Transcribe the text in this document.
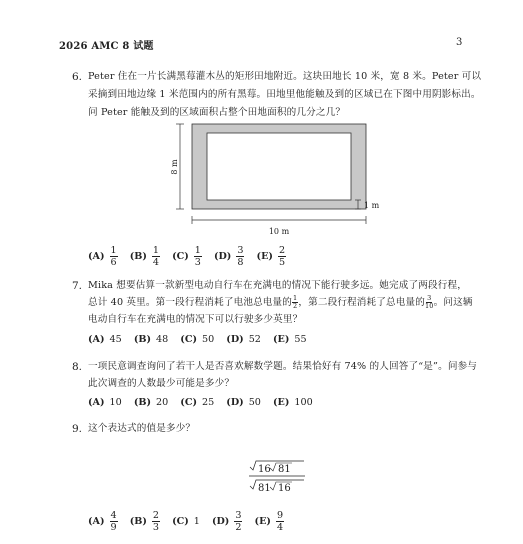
2026 AMC 8 试题	3
6. Peter 住在一片长满黑莓灌木丛的矩形田地附近。这块田地长 10 米，宽 8 米。Peter 可以
采摘到田地边缘 1 米范围内的所有黑莓。田地里他能触及到的区域已在下图中用阴影标出。
问 Peter 能触及到的区域面积占整个田地面积的几分之几？
8 m
10 m
1 m
$(A) \frac{1}{6} (B) \frac{1}{4} (C) \frac{1}{3} (D) \frac{3}{8} (E) \frac{2}{5}$
7. Mika 想要估算一款新型电动自行车在充满电的情况下能行驶多远。她完成了两段行程，
总计 40 英里。第一段行程消耗了电池总电量的 $\frac{1}{2}$ ，第二段行程消耗了总电量的 $\frac{3}{10}$ 。问这辆
电动自行车在充满电的情况下可以行驶多少英里？
(A) 45 (B) 48 (C) 50 (D) 52 (E) 55
8. 一项民意调查询问了若干人是否喜欢解数学题。结果恰好有 74% 的人回答了“是”。问参与
此次调查的人数最少可能是多少？
(A) 10 (B) 20 (C) 25 (D) 50 (E) 100
9. 这个表达式的值是多少？
16 81
81 16
$(A) \frac{4}{9} (B) \frac{2}{3} (C)$ 1 $(D) \frac{3}{2} (E) \frac{9}{4}$
